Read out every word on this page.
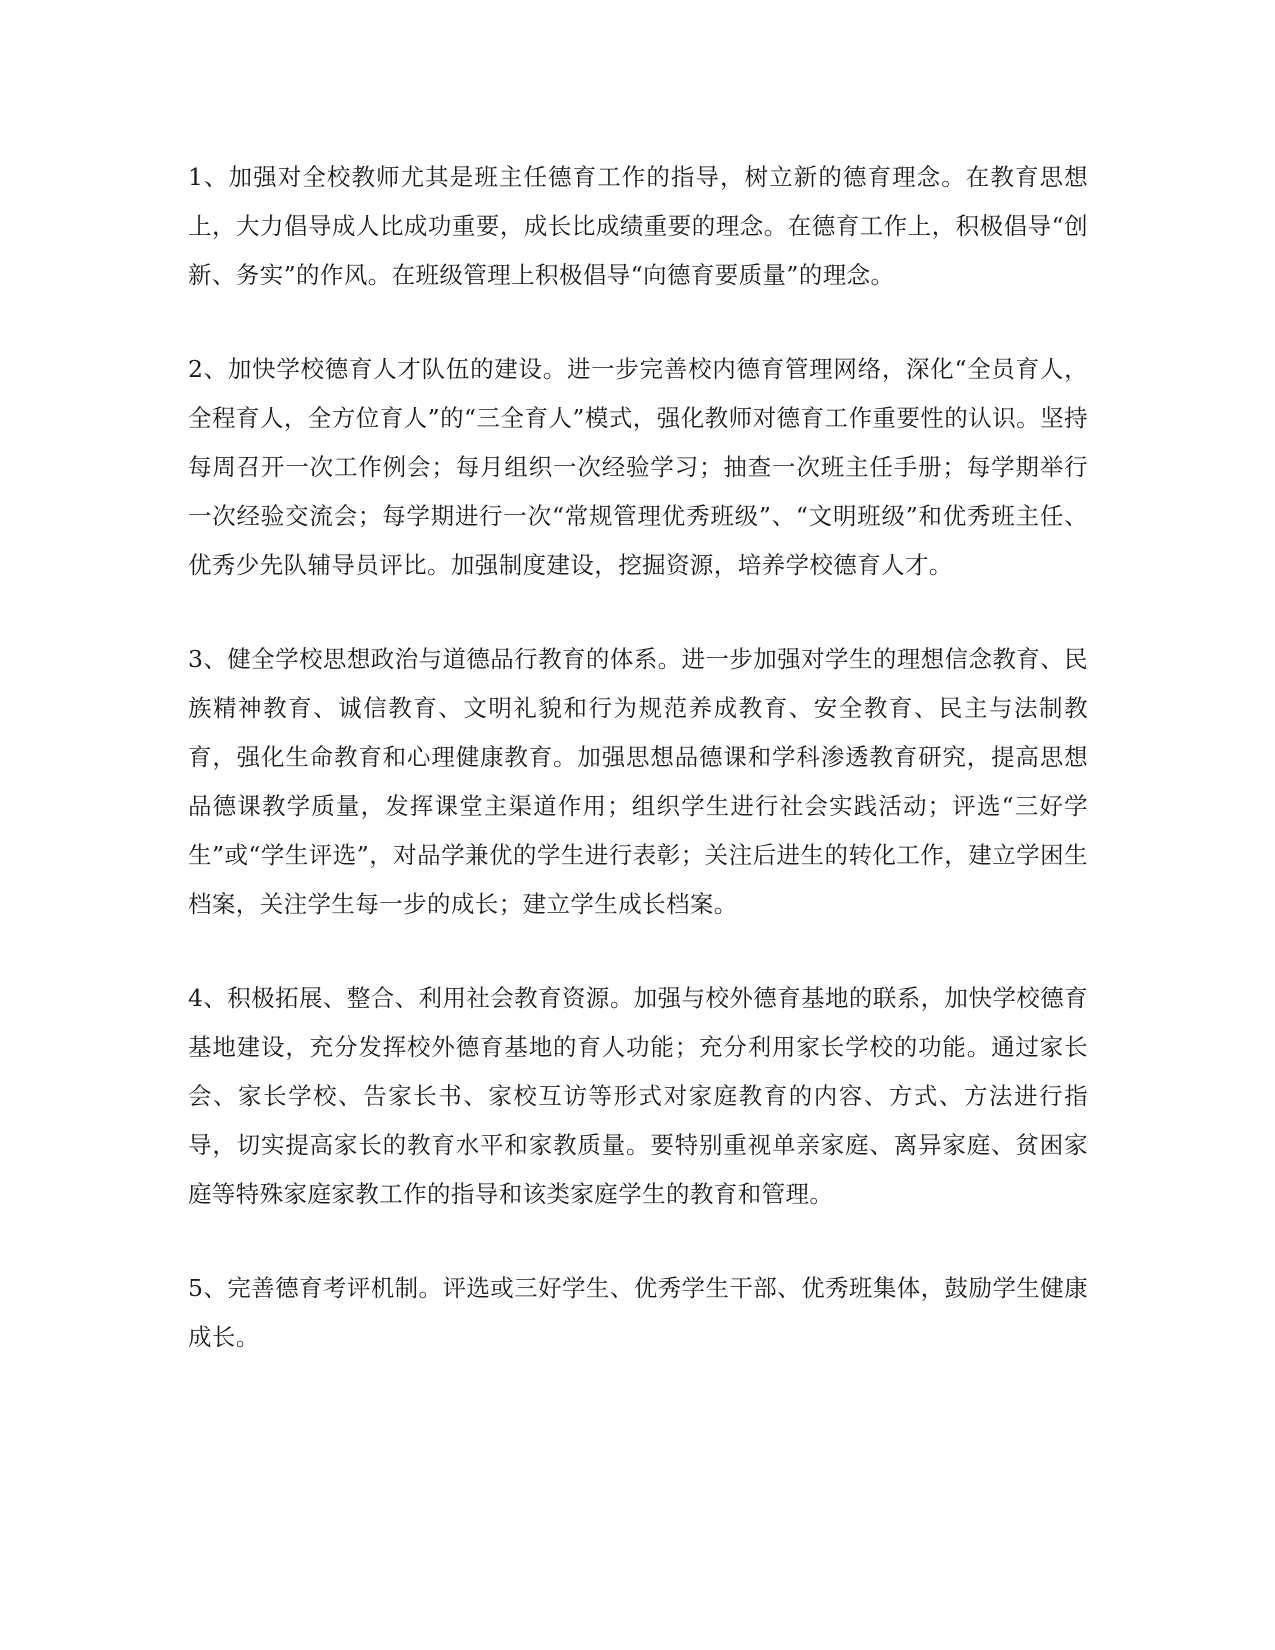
1、加强对全校教师尤其是班主任德育工作的指导，树立新的德育理念。在教育思想上，大力倡导成人比成功重要，成长比成绩重要的理念。在德育工作上，积极倡导“创新、务实”的作风。在班级管理上积极倡导“向德育要质量”的理念。

2、加快学校德育人才队伍的建设。进一步完善校内德育管理网络，深化“全员育人，全程育人，全方位育人”的“三全育人”模式，强化教师对德育工作重要性的认识。坚持每周召开一次工作例会；每月组织一次经验学习；抽查一次班主任手册；每学期举行一次经验交流会；每学期进行一次“常规管理优秀班级”、“文明班级”和优秀班主任、优秀少先队辅导员评比。加强制度建设，挖掘资源，培养学校德育人才。

3、健全学校思想政治与道德品行教育的体系。进一步加强对学生的理想信念教育、民族精神教育、诚信教育、文明礼貌和行为规范养成教育、安全教育、民主与法制教育，强化生命教育和心理健康教育。加强思想品德课和学科渗透教育研究，提高思想品德课教学质量，发挥课堂主渠道作用；组织学生进行社会实践活动；评选“三好学生”或“学生评选”，对品学兼优的学生进行表彰；关注后进生的转化工作，建立学困生档案，关注学生每一步的成长；建立学生成长档案。

4、积极拓展、整合、利用社会教育资源。加强与校外德育基地的联系，加快学校德育基地建设，充分发挥校外德育基地的育人功能；充分利用家长学校的功能。通过家长会、家长学校、告家长书、家校互访等形式对家庭教育的内容、方式、方法进行指导，切实提高家长的教育水平和家教质量。要特别重视单亲家庭、离异家庭、贫困家庭等特殊家庭家教工作的指导和该类家庭学生的教育和管理。

5、完善德育考评机制。评选或三好学生、优秀学生干部、优秀班集体，鼓励学生健康成长。
